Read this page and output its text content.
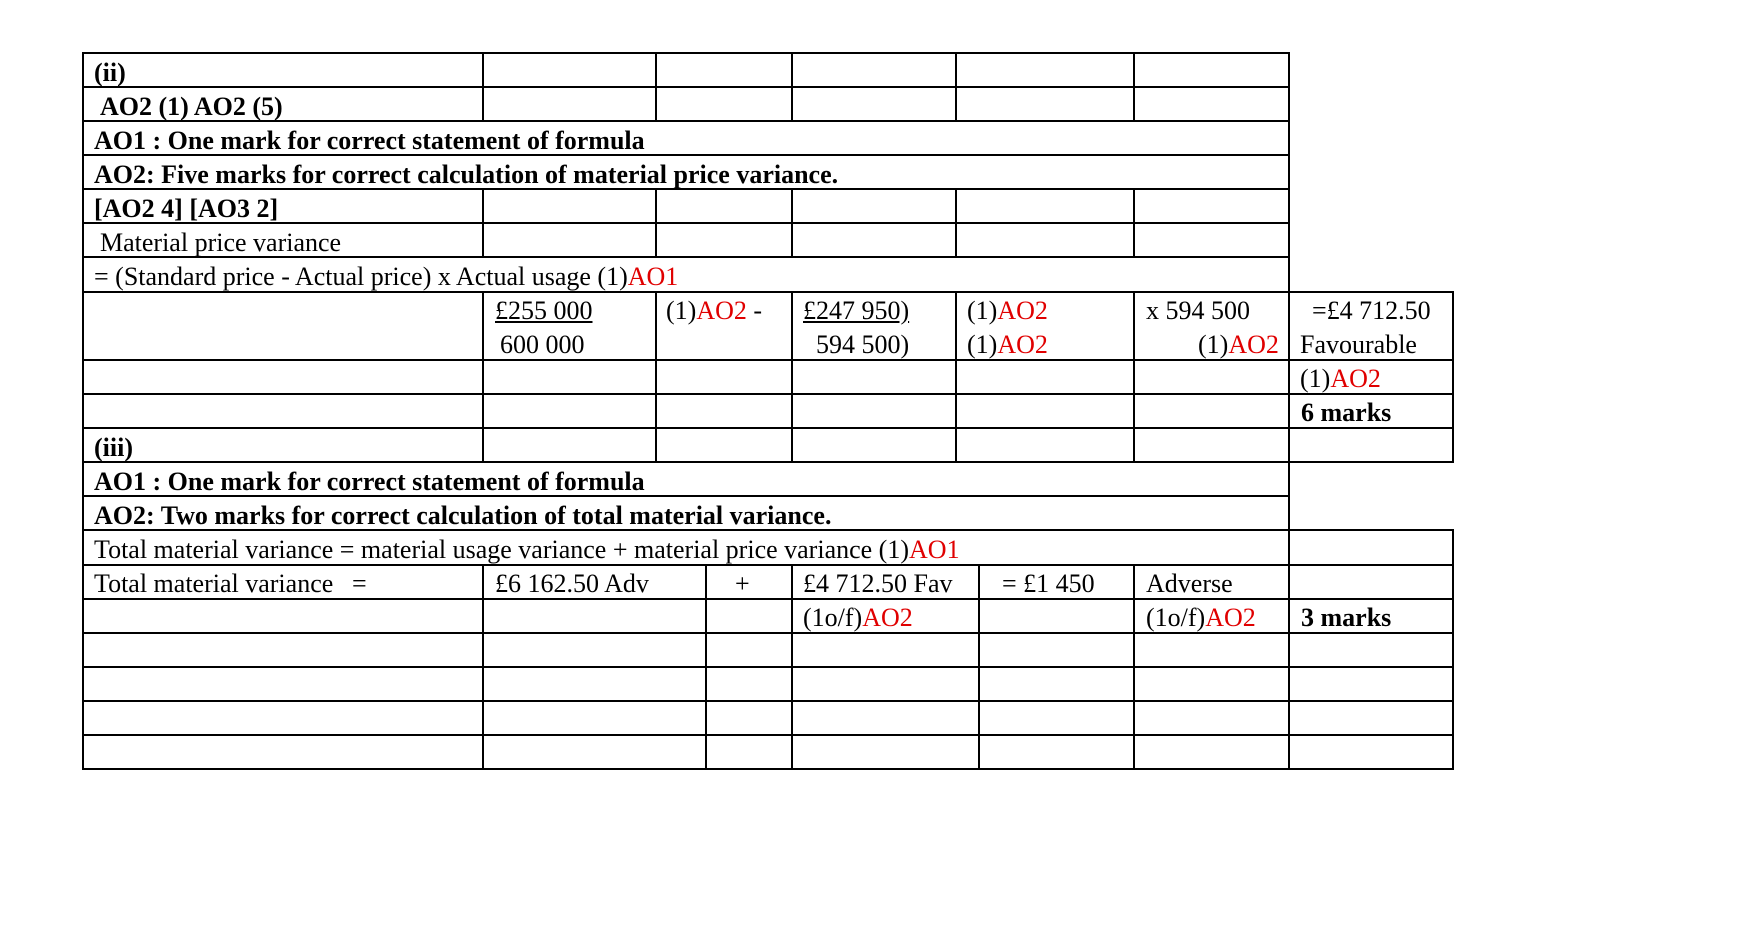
(ii)
AO2 (1) AO2 (5)
AO1 : One mark for correct statement of formula
AO2: Five marks for correct calculation of material price variance.
[AO2 4] [AO3 2]
Material price variance
= (Standard price - Actual price) x Actual usage (1)AO1
£255 000
600 000
(1)AO2 - £247 950)
594 500)
(1)AO2
(1)AO2
x 594 500
(1)AO2
=£4 712.50
Favourable
(1)AO2
6 marks
(iii)
AO1 : One mark for correct statement of formula
AO2: Two marks for correct calculation of total material variance.
Total material variance = material usage variance + material price variance (1)AO1
Total material variance =	£6 162.50 Adv	+ £4 712.50 Fav
(1o/f)AO2
= £1 450 Adverse
(1o/f)AO2 3 marks
